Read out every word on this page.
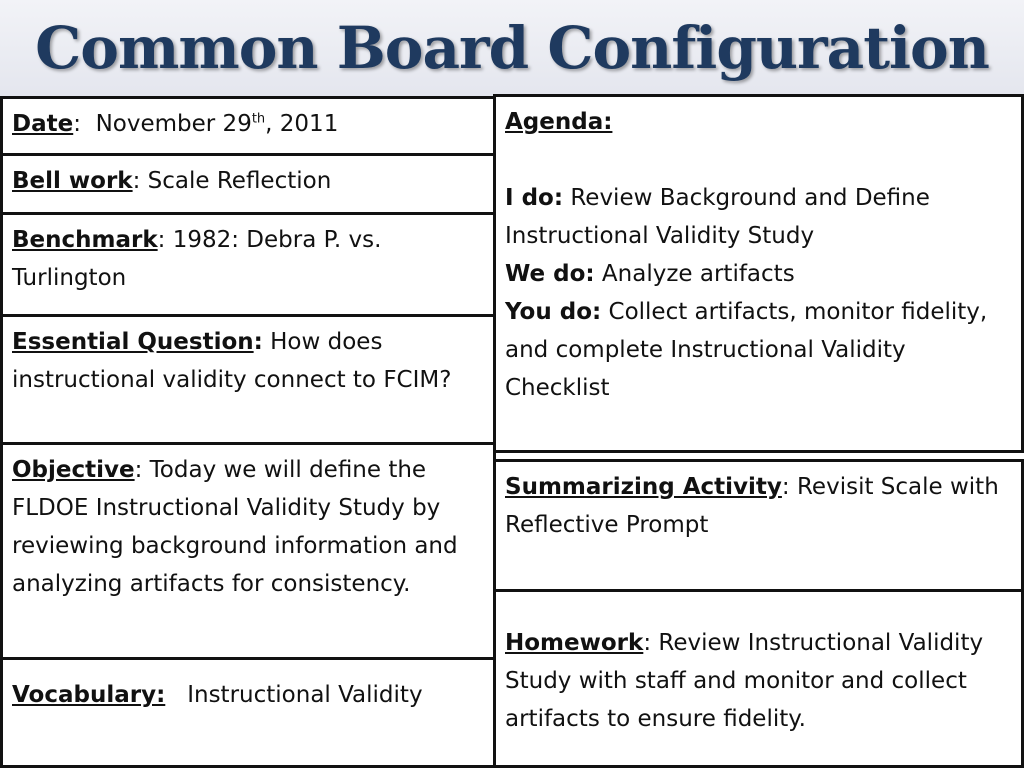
Common Board Configuration

Date: November 29th, 2011

Bell work: Scale Reflection

Benchmark: 1982: Debra P. vs. Turlington

Essential Question: How does instructional validity connect to FCIM?

Objective: Today we will define the FLDOE Instructional Validity Study by reviewing background information and analyzing artifacts for consistency.

Vocabulary: Instructional Validity

Agenda:

I do: Review Background and Define Instructional Validity Study

We do: Analyze artifacts

You do: Collect artifacts, monitor fidelity, and complete Instructional Validity Checklist

Summarizing Activity: Revisit Scale with Reflective Prompt

Homework: Review Instructional Validity Study with staff and monitor and collect artifacts to ensure fidelity.
